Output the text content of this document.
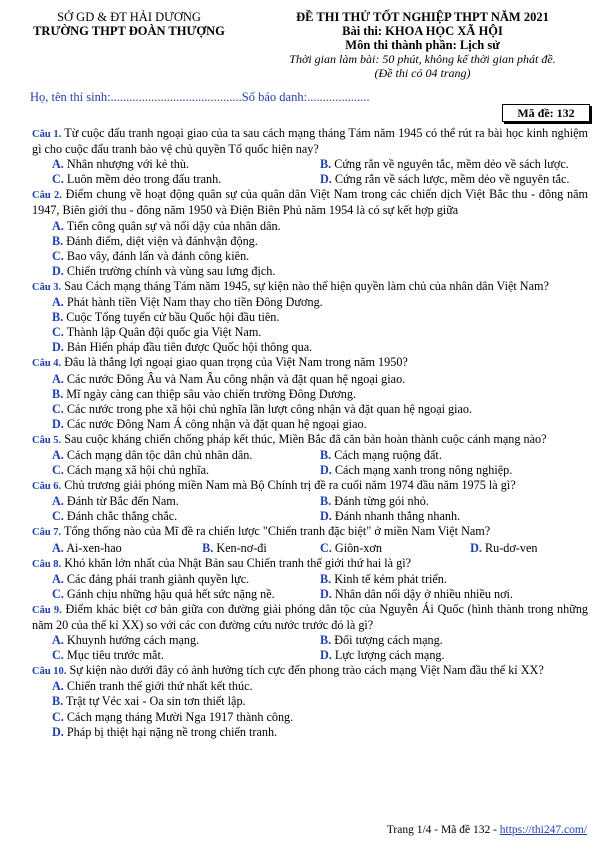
SỞ GD & ĐT HẢI DƯƠNG
TRƯỜNG THPT ĐOÀN THƯỢNG
ĐỀ THI THỬ TỐT NGHIỆP THPT NĂM 2021
Bài thi: KHOA HỌC XÃ HỘI
Môn thi thành phần: Lịch sử
Thời gian làm bài: 50 phút, không kể thời gian phát đề.
(Đề thi có 04 trang)
Họ, tên thí sinh:..........................................Số báo danh:....................
Mã đề: 132
Câu 1. Từ cuộc đấu tranh ngoại giao của ta sau cách mạng tháng Tám năm 1945 có thể rút ra bài học kinh nghiệm gì cho cuộc đấu tranh bảo vệ chủ quyền Tổ quốc hiện nay?
A. Nhân nhượng với kẻ thù.	B. Cứng rắn về nguyên tắc, mềm dẻo về sách lược.
C. Luôn mềm dẻo trong đấu tranh.	D. Cứng rắn về sách lược, mềm dẻo về nguyên tắc.
Câu 2. Điểm chung về hoạt động quân sự của quân dân Việt Nam trong các chiến dịch Việt Bắc thu - đông năm 1947, Biên giới thu - đông năm 1950 và Điện Biên Phủ năm 1954 là có sự kết hợp giữa
A. Tiến công quân sự và nổi dậy của nhân dân.
B. Đánh điểm, diệt viện và đánhvận động.
C. Bao vây, đánh lấn và đánh công kiên.
D. Chiến trường chính và vùng sau lưng địch.
Câu 3. Sau Cách mạng tháng Tám năm 1945, sự kiện nào thể hiện quyền làm chủ của nhân dân Việt Nam?
A. Phát hành tiền Việt Nam thay cho tiền Đông Dương.
B. Cuộc Tổng tuyển cử bầu Quốc hội đầu tiên.
C. Thành lập Quân đội quốc gia Việt Nam.
D. Bản Hiến pháp đầu tiên được Quốc hội thông qua.
Câu 4. Đâu là thắng lợi ngoại giao quan trọng của Việt Nam trong năm 1950?
A. Các nước Đông Âu và Nam Âu công nhận và đặt quan hệ ngoại giao.
B. Mĩ ngày càng can thiệp sâu vào chiến trường Đông Dương.
C. Các nước trong phe xã hội chủ nghĩa lần lượt công nhận và đặt quan hệ ngoại giao.
D. Các nước Đông Nam Á công nhận và đặt quan hệ ngoại giao.
Câu 5. Sau cuộc kháng chiến chống pháp kết thúc, Miền Bắc đã căn bản hoàn thành cuộc cánh mạng nào?
A. Cách mạng dân tộc dân chủ nhân dân.	B. Cách mạng ruộng đất.
C. Cách mạng xã hội chủ nghĩa.	D. Cách mạng xanh trong nông nghiệp.
Câu 6. Chủ trương giải phóng miền Nam mà Bộ Chính trị đề ra cuối năm 1974 đầu năm 1975 là gì?
A. Đánh từ Bắc đến Nam.	B. Đánh từng gói nhỏ.
C. Đánh chắc thắng chắc.	D. Đánh nhanh thắng nhanh.
Câu 7. Tổng thống nào của Mĩ đề ra chiến lược "Chiến tranh đặc biệt" ở miền Nam Việt Nam?
A. Ai-xen-hao	B. Ken-nơ-đi	C. Giôn-xơn	D. Ru-dơ-ven
Câu 8. Khó khăn lớn nhất của Nhật Bản sau Chiến tranh thế giới thứ hai là gì?
A. Các đảng phái tranh giành quyền lực.	B. Kinh tế kém phát triển.
C. Gánh chịu những hậu quả hết sức nặng nề.	D. Nhân dân nổi dậy ở nhiều nhiều nơi.
Câu 9. Điểm khác biệt cơ bản giữa con đường giải phóng dân tộc của Nguyễn Ái Quốc (hình thành trong những năm 20 của thế kỉ XX) so với các con đường cứu nước trước đó là gì?
A. Khuynh hướng cách mạng.	B. Đối tượng cách mạng.
C. Mục tiêu trước mắt.	D. Lực lượng cách mạng.
Câu 10. Sự kiện nào dưới đây có ảnh hưởng tích cực đến phong trào cách mạng Việt Nam đầu thế kỉ XX?
A. Chiến tranh thế giới thứ nhất kết thúc.
B. Trật tự Véc xai - Oa sin tơn thiết lập.
C. Cách mạng tháng Mười Nga 1917 thành công.
D. Pháp bị thiệt hại nặng nề trong chiến tranh.
Trang 1/4 - Mã đề 132 - https://thi247.com/
